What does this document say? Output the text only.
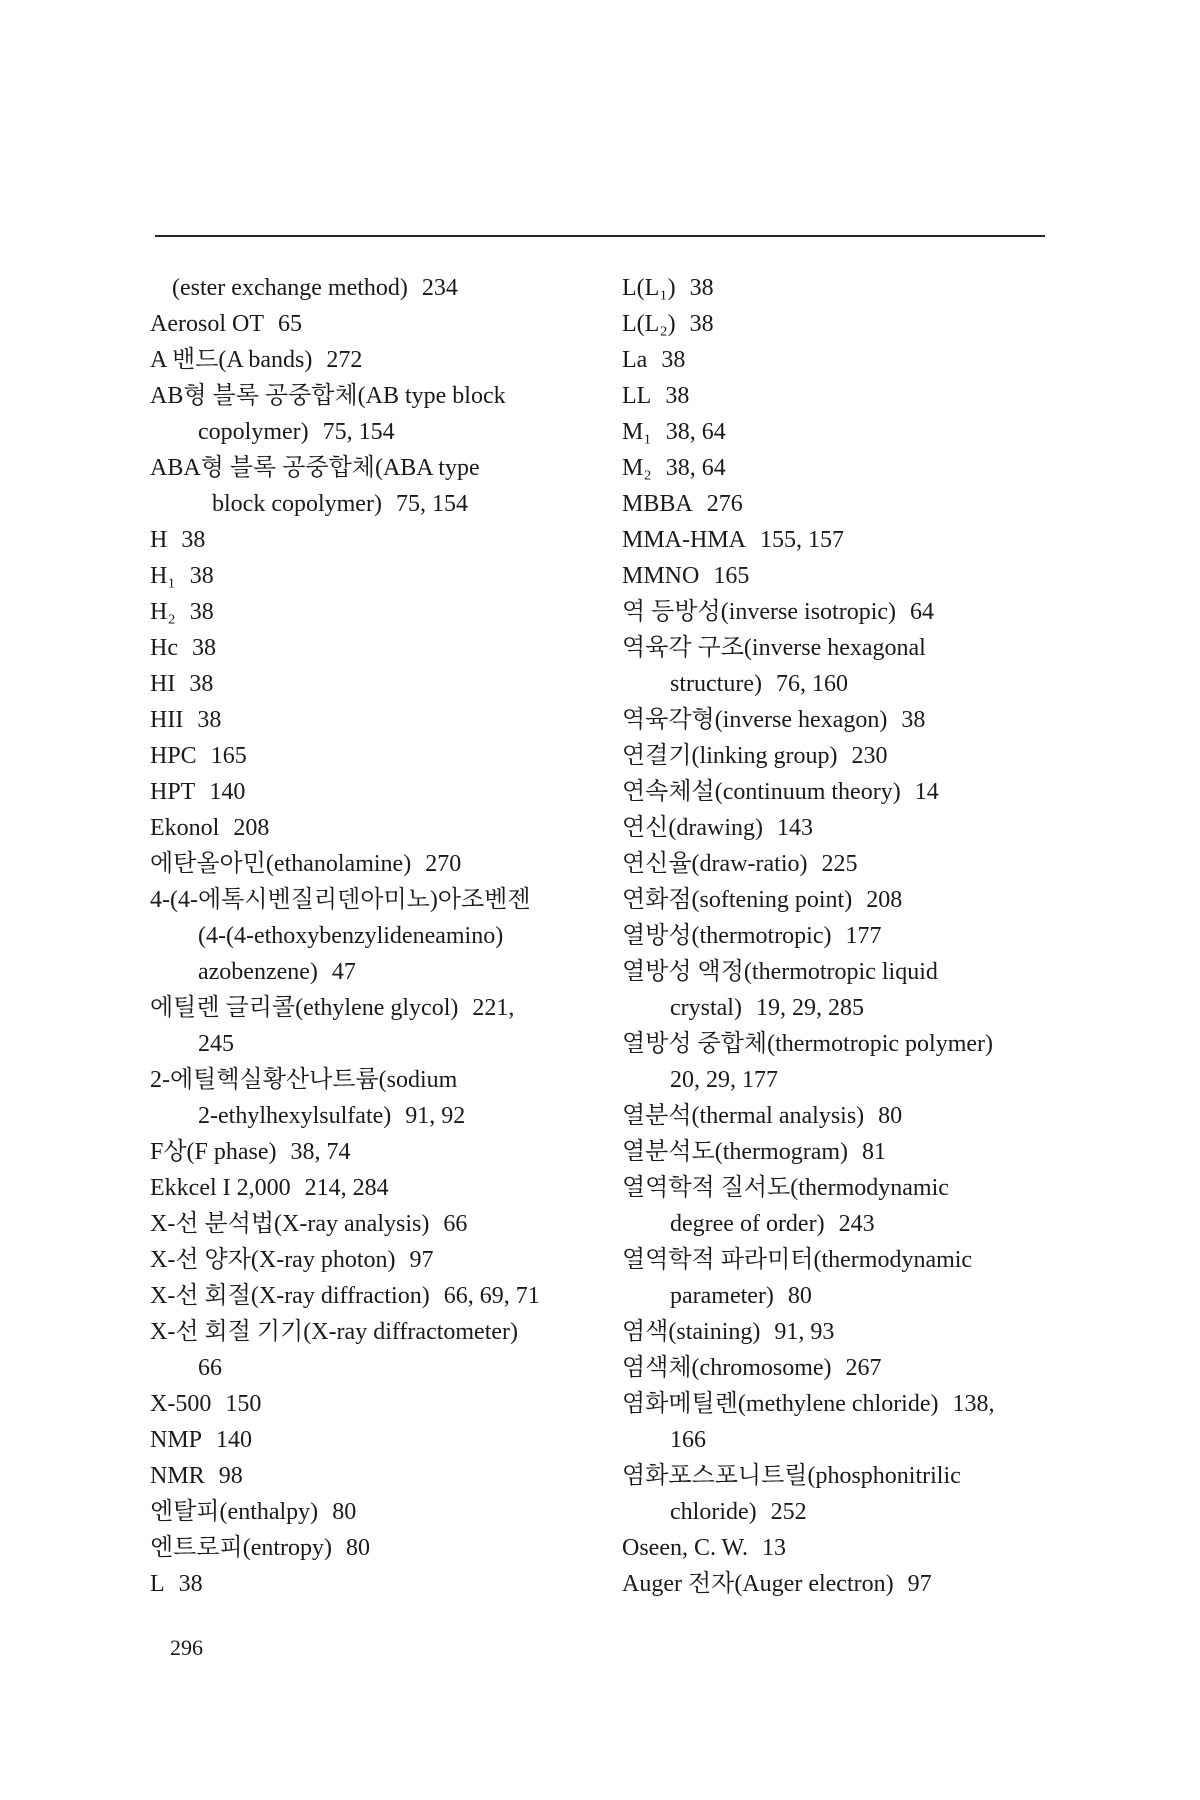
(ester exchange method) 234
Aerosol OT 65
A 밴드(A bands) 272
AB형 블록 공중합체(AB type block
copolymer) 75, 154
ABA형 블록 공중합체(ABA type
block copolymer) 75, 154
H 38
H₁ 38
H₂ 38
Hc 38
HI 38
HII 38
HPC 165
HPT 140
Ekonol 208
에탄올아민(ethanolamine) 270
4-(4-에톡시벤질리덴아미노)아조벤젠
(4-(4-ethoxybenzylideneamino)
azobenzene) 47
에틸렌 글리콜(ethylene glycol) 221,
245
2-에틸헥실황산나트륨(sodium
2-ethylhexylsulfate) 91, 92
F상(F phase) 38, 74
Ekkcel I 2,000 214, 284
X-선 분석법(X-ray analysis) 66
X-선 양자(X-ray photon) 97
X-선 회절(X-ray diffraction) 66, 69, 71
X-선 회절 기기(X-ray diffractometer)
66
X-500 150
NMP 140
NMR 98
엔탈피(enthalpy) 80
엔트로피(entropy) 80
L 38
L(L₁) 38
L(L₂) 38
La 38
LL 38
M₁ 38, 64
M₂ 38, 64
MBBA 276
MMA-HMA 155, 157
MMNO 165
역 등방성(inverse isotropic) 64
역육각 구조(inverse hexagonal
structure) 76, 160
역육각형(inverse hexagon) 38
연결기(linking group) 230
연속체설(continuum theory) 14
연신(drawing) 143
연신율(draw-ratio) 225
연화점(softening point) 208
열방성(thermotropic) 177
열방성 액정(thermotropic liquid
crystal) 19, 29, 285
열방성 중합체(thermotropic polymer)
20, 29, 177
열분석(thermal analysis) 80
열분석도(thermogram) 81
열역학적 질서도(thermodynamic
degree of order) 243
열역학적 파라미터(thermodynamic
parameter) 80
염색(staining) 91, 93
염색체(chromosome) 267
염화메틸렌(methylene chloride) 138,
166
염화포스포니트릴(phosphonitrilic
chloride) 252
Oseen, C. W. 13
Auger 전자(Auger electron) 97
296
